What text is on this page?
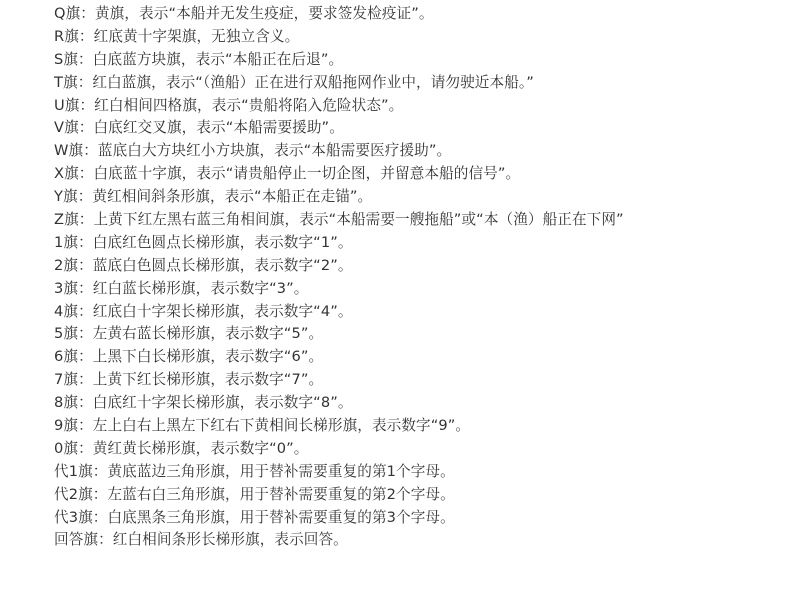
Q旗：黄旗，表示“本船并无发生疫症，要求签发检疫证”。
R旗：红底黄十字架旗，无独立含义。
S旗：白底蓝方块旗，表示“本船正在后退”。
T旗：红白蓝旗，表示“（渔船）正在进行双船拖网作业中，请勿驶近本船。”
U旗：红白相间四格旗，表示“贵船将陷入危险状态”。
V旗：白底红交叉旗，表示“本船需要援助”。
W旗：蓝底白大方块红小方块旗，表示“本船需要医疗援助”。
X旗：白底蓝十字旗，表示“请贵船停止一切企图，并留意本船的信号”。
Y旗：黄红相间斜条形旗，表示“本船正在走锚”。
Z旗：上黄下红左黑右蓝三角相间旗，表示“本船需要一艘拖船”或“本（渔）船正在下网”
1旗：白底红色圆点长梯形旗，表示数字“1”。
2旗：蓝底白色圆点长梯形旗，表示数字“2”。
3旗：红白蓝长梯形旗，表示数字“3”。
4旗：红底白十字架长梯形旗，表示数字“4”。
5旗：左黄右蓝长梯形旗，表示数字“5”。
6旗：上黑下白长梯形旗，表示数字“6”。
7旗：上黄下红长梯形旗，表示数字“7”。
8旗：白底红十字架长梯形旗，表示数字“8”。
9旗：左上白右上黑左下红右下黄相间长梯形旗，表示数字“9”。
0旗：黄红黄长梯形旗，表示数字“0”。
代1旗：黄底蓝边三角形旗，用于替补需要重复的第1个字母。
代2旗：左蓝右白三角形旗，用于替补需要重复的第2个字母。
代3旗：白底黑条三角形旗，用于替补需要重复的第3个字母。
回答旗：红白相间条形长梯形旗，表示回答。
